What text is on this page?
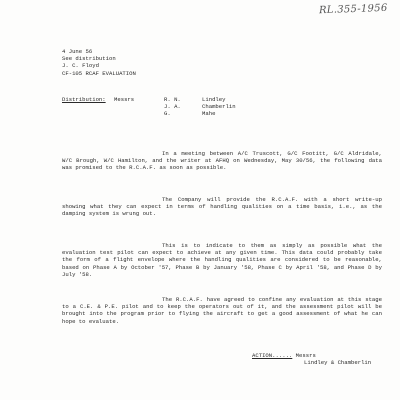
RL.355-1956
4 June 56
See distribution
J. C. Floyd
CF-105 RCAF EVALUATION
Distribution: Messrs	R. N.	Lindley
J. A.	Chamberlin
G.	Mahe

In a meeting between A/C Truscott, G/C Footitt, G/C Aldridale, W/C Brough, W/C Hamilton, and the writer at AFHQ on Wednesday, May 30/56, the following data was promised to the R.C.A.F. as soon as possible.

The Company will provide the R.C.A.F. with a short write-up showing what they can expect in terms of handling qualities on a time basis, i.e., as the damping system is wrung out.

This is to indicate to them as simply as possible what the evaluation test pilot can expect to achieve at any given time. This data could probably take the form of a flight envelope where the handling qualities are considered to be reasonable, based on Phase A by October '57, Phase B by January '58, Phase C by April '58, and Phase D by July '58.

The R.C.A.F. have agreed to confine any evaluation at this stage to a C.E. & P.E. pilot and to keep the operators out of it, and the assessment pilot will be brought into the program prior to flying the aircraft to get a good assessment of what he can hope to evaluate.

ACTION...... Messrs
Lindley & Chamberlin
